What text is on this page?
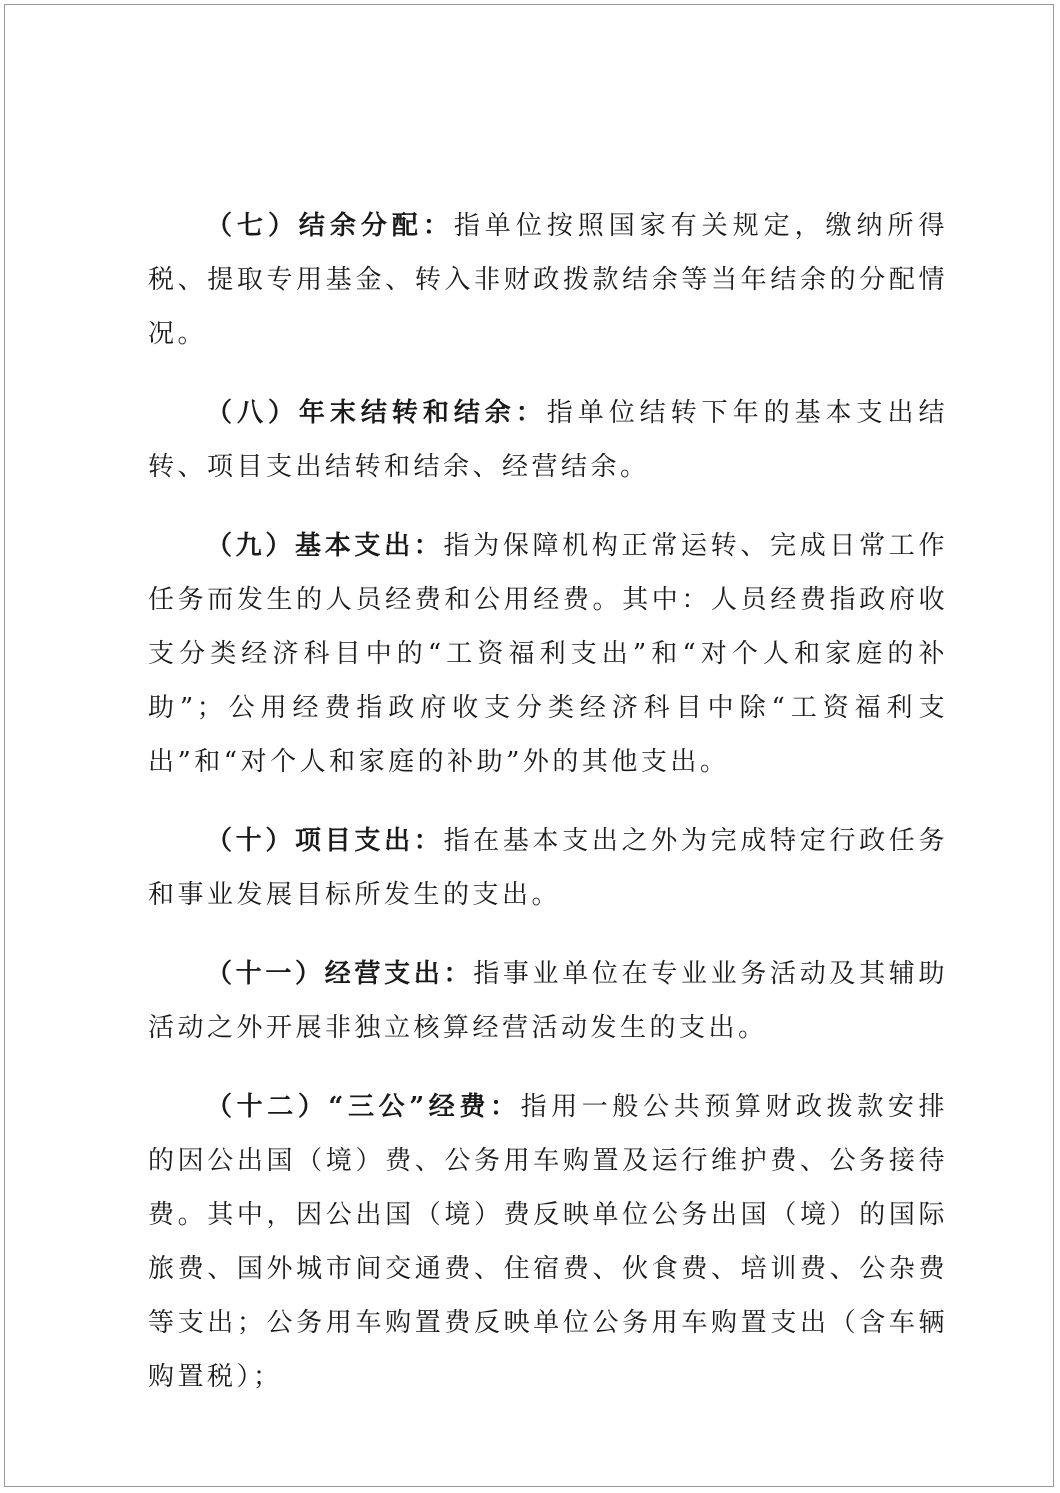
（七）结余分配：指单位按照国家有关规定，缴纳所得税、提取专用基金、转入非财政拨款结余等当年结余的分配情况。

（八）年末结转和结余：指单位结转下年的基本支出结转、项目支出结转和结余、经营结余。

（九）基本支出：指为保障机构正常运转、完成日常工作任务而发生的人员经费和公用经费。其中：人员经费指政府收支分类经济科目中的“工资福利支出”和“对个人和家庭的补助”；公用经费指政府收支分类经济科目中除“工资福利支出”和“对个人和家庭的补助”外的其他支出。

（十）项目支出：指在基本支出之外为完成特定行政任务和事业发展目标所发生的支出。

（十一）经营支出：指事业单位在专业业务活动及其辅助活动之外开展非独立核算经营活动发生的支出。

（十二）“三公”经费：指用一般公共预算财政拨款安排的因公出国（境）费、公务用车购置及运行维护费、公务接待费。其中，因公出国（境）费反映单位公务出国（境）的国际旅费、国外城市间交通费、住宿费、伙食费、培训费、公杂费等支出；公务用车购置费反映单位公务用车购置支出（含车辆购置税）；
